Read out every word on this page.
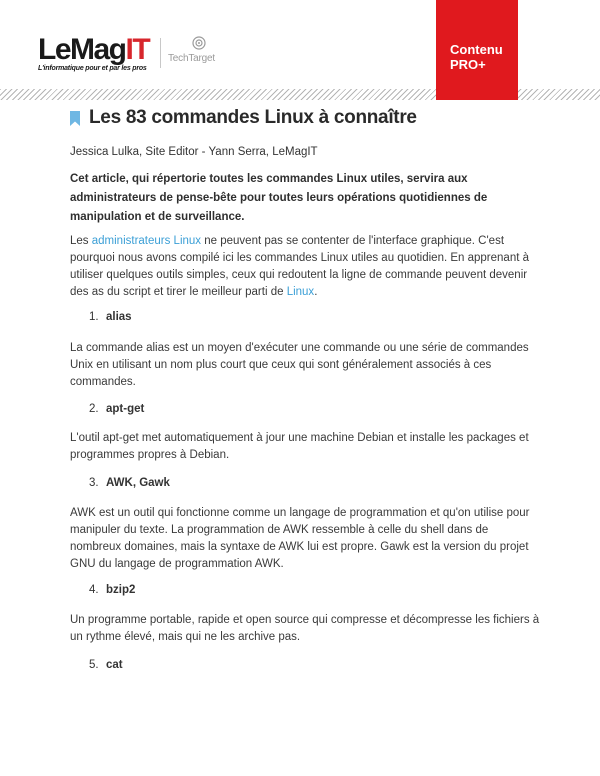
LeMagIT
L'informatique pour et par les pros
TechTarget
Contenu
PRO+
Les 83 commandes Linux à connaître
Jessica Lulka, Site Editor - Yann Serra, LeMagIT
Cet article, qui répertorie toutes les commandes Linux utiles, servira aux administrateurs de pense-bête pour toutes leurs opérations quotidiennes de manipulation et de surveillance.
Les administrateurs Linux ne peuvent pas se contenter de l'interface graphique. C'est pourquoi nous avons compilé ici les commandes Linux utiles au quotidien. En apprenant à utiliser quelques outils simples, ceux qui redoutent la ligne de commande peuvent devenir des as du script et tirer le meilleur parti de Linux.
1. alias
La commande alias est un moyen d'exécuter une commande ou une série de commandes Unix en utilisant un nom plus court que ceux qui sont généralement associés à ces commandes.
2. apt-get
L'outil apt-get met automatiquement à jour une machine Debian et installe les packages et programmes propres à Debian.
3. AWK, Gawk
AWK est un outil qui fonctionne comme un langage de programmation et qu'on utilise pour manipuler du texte. La programmation de AWK ressemble à celle du shell dans de nombreux domaines, mais la syntaxe de AWK lui est propre. Gawk est la version du projet GNU du langage de programmation AWK.
4. bzip2
Un programme portable, rapide et open source qui compresse et décompresse les fichiers à un rythme élevé, mais qui ne les archive pas.
5. cat
